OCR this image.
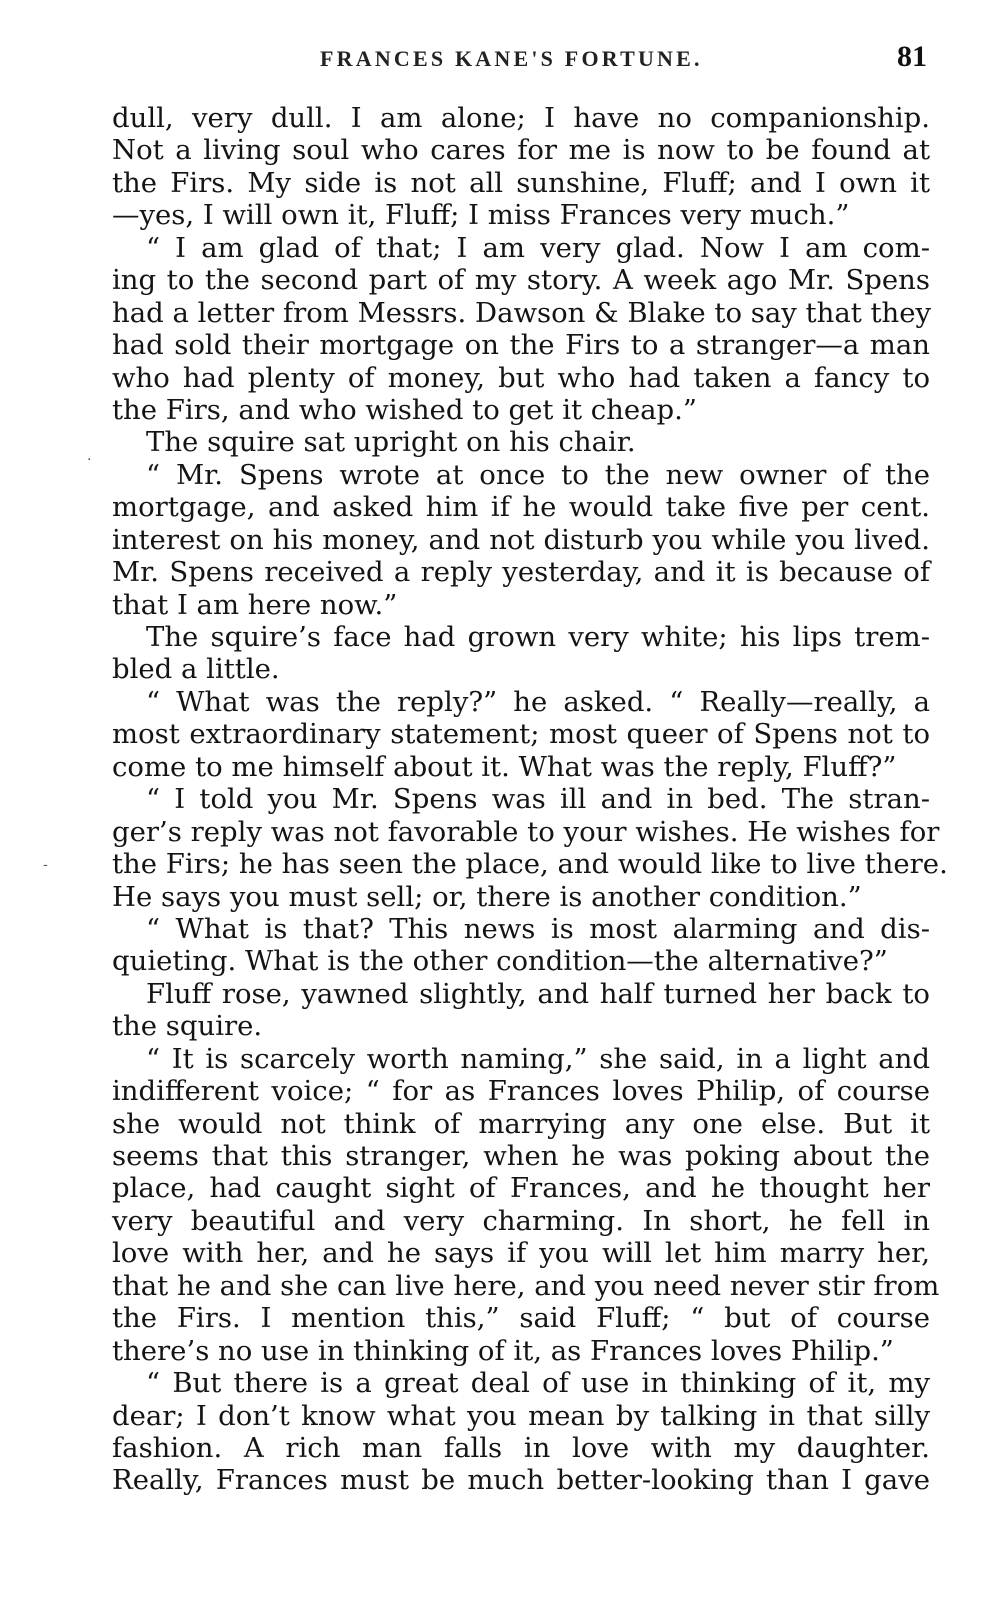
FRANCES KANE'S FORTUNE.	81
dull, very dull. I am alone; I have no companionship.
Not a living soul who cares for me is now to be found at
the Firs. My side is not all sunshine, Fluff; and I own it
—yes, I will own it, Fluff; I miss Frances very much.”
“ I am glad of that; I am very glad. Now I am com-
ing to the second part of my story. A week ago Mr. Spens
had a letter from Messrs. Dawson & Blake to say that they
had sold their mortgage on the Firs to a stranger—a man
who had plenty of money, but who had taken a fancy to
the Firs, and who wished to get it cheap.”
The squire sat upright on his chair.
“ Mr. Spens wrote at once to the new owner of the
mortgage, and asked him if he would take five per cent.
interest on his money, and not disturb you while you lived.
Mr. Spens received a reply yesterday, and it is because of
that I am here now.”
The squire’s face had grown very white; his lips trem-
bled a little.
“ What was the reply?” he asked. “ Really—really, a
most extraordinary statement; most queer of Spens not to
come to me himself about it. What was the reply, Fluff?”
“ I told you Mr. Spens was ill and in bed. The stran-
ger’s reply was not favorable to your wishes. He wishes for
the Firs; he has seen the place, and would like to live there.
He says you must sell; or, there is another condition.”
“ What is that? This news is most alarming and dis-
quieting. What is the other condition—the alternative?”
Fluff rose, yawned slightly, and half turned her back to
the squire.
“ It is scarcely worth naming,” she said, in a light and
indifferent voice; “ for as Frances loves Philip, of course
she would not think of marrying any one else. But it
seems that this stranger, when he was poking about the
place, had caught sight of Frances, and he thought her
very beautiful and very charming. In short, he fell in
love with her, and he says if you will let him marry her,
that he and she can live here, and you need never stir from
the Firs. I mention this,” said Fluff; “ but of course
there’s no use in thinking of it, as Frances loves Philip.”
“ But there is a great deal of use in thinking of it, my
dear; I don’t know what you mean by talking in that silly
fashion. A rich man falls in love with my daughter.
Really, Frances must be much better-looking than I gave
·
-
